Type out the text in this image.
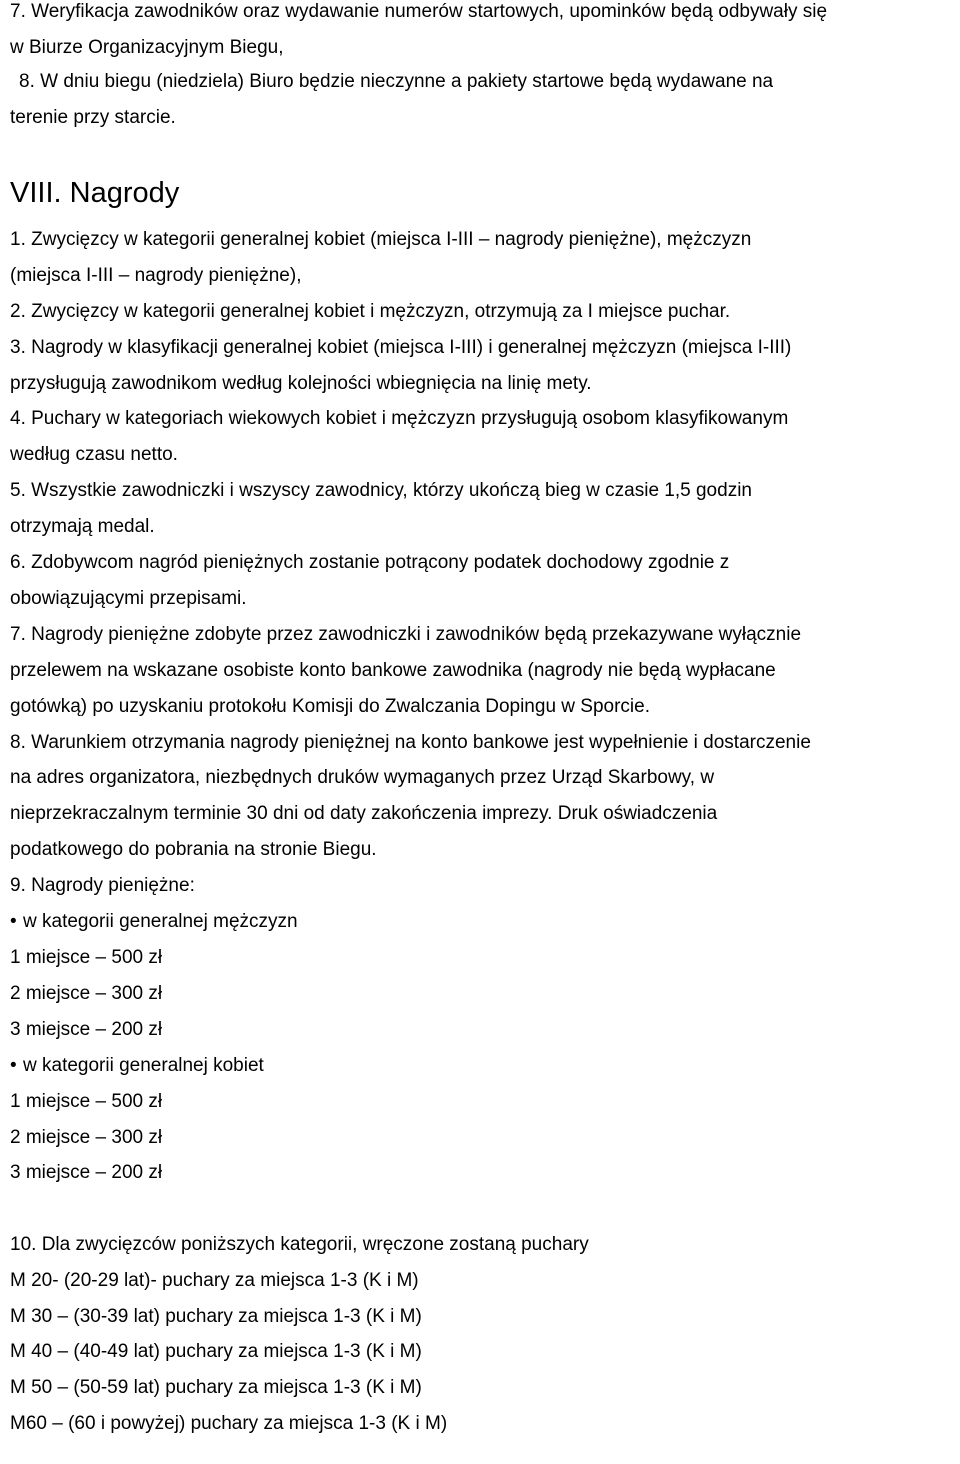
7. Weryfikacja zawodników oraz wydawanie numerów startowych, upominków będą odbywały się
w Biurze Organizacyjnym Biegu,
8. W dniu biegu (niedziela) Biuro będzie nieczynne a pakiety startowe będą wydawane na
terenie przy starcie.
VIII. Nagrody
1. Zwycięzcy w kategorii generalnej kobiet (miejsca I-III – nagrody pieniężne), mężczyzn
(miejsca I-III – nagrody pieniężne),
2. Zwycięzcy w kategorii generalnej kobiet i mężczyzn, otrzymują za I miejsce puchar.
3. Nagrody w klasyfikacji generalnej kobiet (miejsca I-III) i generalnej mężczyzn (miejsca I-III)
przysługują zawodnikom według kolejności wbiegnięcia na linię mety.
4. Puchary w kategoriach wiekowych kobiet i mężczyzn przysługują osobom klasyfikowanym
według czasu netto.
5. Wszystkie zawodniczki i wszyscy zawodnicy, którzy ukończą bieg w czasie 1,5 godzin
otrzymają medal.
6. Zdobywcom nagród pieniężnych zostanie potrącony podatek dochodowy zgodnie z
obowiązującymi przepisami.
7. Nagrody pieniężne zdobyte przez zawodniczki i zawodników będą przekazywane wyłącznie
przelewem na wskazane osobiste konto bankowe zawodnika (nagrody nie będą wypłacane
gotówką) po uzyskaniu protokołu Komisji do Zwalczania Dopingu w Sporcie.
8. Warunkiem otrzymania nagrody pieniężnej na konto bankowe jest wypełnienie i dostarczenie
na adres organizatora, niezbędnych druków wymaganych przez Urząd Skarbowy, w
nieprzekraczalnym terminie 30 dni od daty zakończenia imprezy. Druk oświadczenia
podatkowego do pobrania na stronie Biegu.
9. Nagrody pieniężne:
• w kategorii generalnej mężczyzn
1 miejsce – 500 zł
2 miejsce – 300 zł
3 miejsce – 200 zł
• w kategorii generalnej kobiet
1 miejsce – 500 zł
2 miejsce – 300 zł
3 miejsce – 200 zł
10. Dla zwycięzców poniższych kategorii, wręczone zostaną puchary
M 20- (20-29 lat)- puchary za miejsca 1-3 (K i M)
M 30 – (30-39 lat) puchary za miejsca 1-3 (K i M)
M 40 – (40-49 lat) puchary za miejsca 1-3 (K i M)
M 50 – (50-59 lat) puchary za miejsca 1-3 (K i M)
M60 – (60 i powyżej) puchary za miejsca 1-3 (K i M)
